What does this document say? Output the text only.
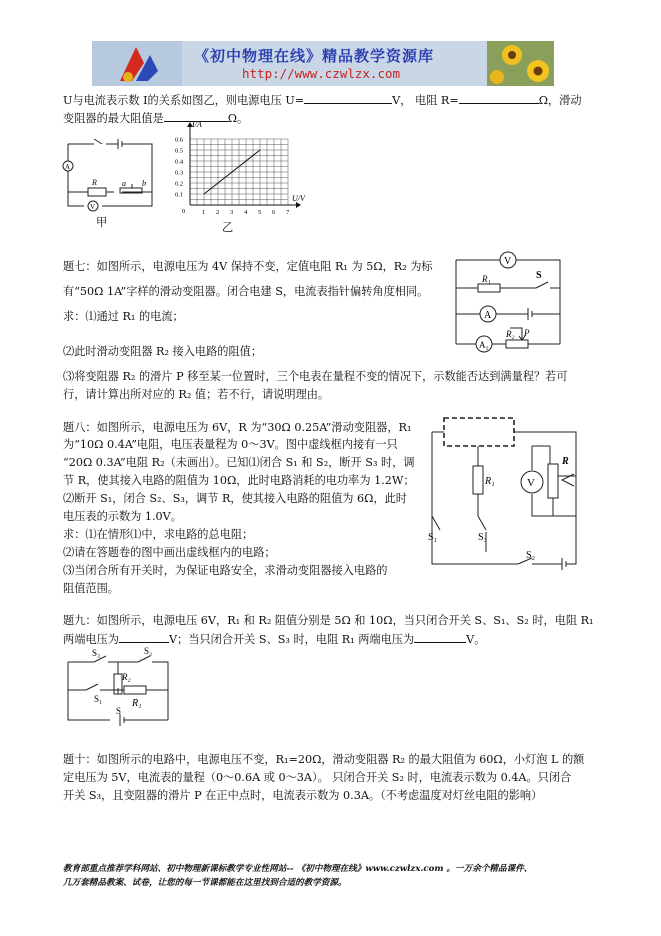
《初中物理在线》精品教学资源库
http://www.czwlzx.com
U与电流表示数 I的关系如图乙，则电源电压 U=	V， 电阻 R=	Ω，滑动
变阻器的最大阻值是	Ω。
A
V
R	a b
甲
0.6
0.5
0.4
0.3
0.2
0.1
1 2 3 4 5 6 7
0
I/A
U/V
乙
题七：如图所示，电源电压为 4V 保持不变，定值电阻 R₁ 为 5Ω，R₂ 为标
有“50Ω 1A”字样的滑动变阻器。闭合电建 S，电流表指针偏转角度相同。
求：⑴通过 R₁ 的电流；
⑵此时滑动变阻器 R₂ 接入电路的阻值；
⑶将变阻器 R₂ 的滑片 P 移至某一位置时，三个电表在量程不变的情况下，示数能否达到满量程？若可
行，请计算出所对应的 R₂ 值；若不行，请说明理由。
V
A
A₁
R₁	S
R₂ P
题八：如图所示，电源电压为 6V，R 为“30Ω 0.25A”滑动变阻器，R₁
为“10Ω 0.4A”电阻，电压表量程为 0～3V。图中虚线框内接有一只
“20Ω 0.3A”电阻 R₂（未画出）。已知⑴闭合 S₁ 和 S₂，断开 S₃ 时，调
节 R，使其接入电路的阻值为 10Ω，此时电路消耗的电功率为 1.2W；
⑵断开 S₁，闭合 S₂、S₃，调节 R，使其接入电路的阻值为 6Ω，此时
电压表的示数为 1.0V。
求：⑴在情形⑴中，求电路的总电阻；
⑵请在答题卷的图中画出虚线框内的电路；
⑶当闭合所有开关时，为保证电路安全，求滑动变阻器接入电路的
阻值范围。
V
R₁
R
S₁	S₃
S₂
题九：如图所示，电源电压 6V，R₁ 和 R₂ 阻值分别是 5Ω 和 10Ω，当只闭合开关 S、S₁、S₂ 时，电阻 R₁
两端电压为	V；当只闭合开关 S、S₃ 时，电阻 R₁ 两端电压为	V。
S₃	S₂
R₂
S₁	R₁
S
题十：如图所示的电路中，电源电压不变，R₁=20Ω，滑动变阻器 R₂ 的最大阻值为 60Ω，小灯泡 L 的额
定电压为 5V，电流表的量程（0～0.6A 或 0～3A）。 只闭合开关 S₂ 时，电流表示数为 0.4A。只闭合
开关 S₃，且变阻器的滑片 P 在正中点时，电流表示数为 0.3A。（不考虑温度对灯丝电阻的影响）
教育部重点推荐学科网站、初中物理新课标教学专业性网站-- 《初中物理在线》www.czwlzx.com 。一万余个精品课件、
几万套精品教案、试卷，让您的每一节课都能在这里找到合适的教学资源。
